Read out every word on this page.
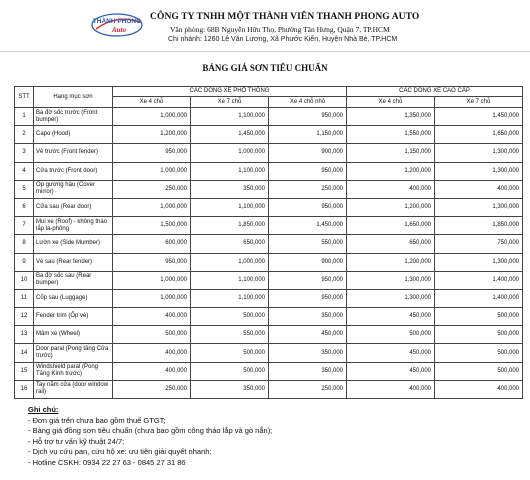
THÀNH PHONG
Auto
CÔNG TY TNHH MỘT THÀNH VIÊN THANH PHONG AUTO
Văn phòng: 68B Nguyễn Hữu Thọ, Phường Tân Hưng, Quận 7, TP.HCM
Chi nhánh: 1260 Lê Văn Lương, Xã Phước Kiển, Huyện Nhà Bè, TP.HCM
BẢNG GIÁ SƠN TIÊU CHUẨN
STT	Hạng mục sơn	CÁC DÒNG XE PHỔ THÔNG			CÁC DÒNG XE CAO CẤP	
		Xe 4 chỗ	Xe 7 chỗ	Xe 4 chỗ nhỏ	Xe 4 chỗ	Xe 7 chỗ
1	Ba đờ sốc trước (Front bumper)	1,000,000	1,100,000	950,000	1,350,000	1,450,000
2	Capo (Hood)	1,200,000	1,450,000	1,150,000	1,550,000	1,650,000
3	Vè trước (Front fender)	950,000	1,000,000	900,000	1,150,000	1,300,000
4	Cửa trước (Front door)	1,000,000	1,100,000	950,000	1,200,000	1,300,000
5	Ốp gương hậu (Cover mirror)	250,000	350,000	250,000	400,000	400,000
6	Cửa sau (Rear door)	1,000,000	1,100,000	950,000	1,200,000	1,300,000
7	Mui xe (Roof) - không tháo lắp la-phông	1,500,000	1,850,000	1,450,000	1,650,000	1,850,000
8	Lườn xe (Side Mumber)	600,000	650,000	550,000	650,000	750,000
9	Vè sau (Rear fender)	950,000	1,000,000	900,000	1,200,000	1,300,000
10	Ba đờ sốc sau (Rear bumper)	1,000,000	1,100,000	950,000	1,300,000	1,400,000
11	Cốp sau (Luggage)	1,000,000	1,100,000	950,000	1,300,000	1,400,000
12	Fender trim (Ốp vè)	400,000	500,000	350,000	450,000	500,000
13	Mâm xe (Wheel)	500,000	550,000	450,000	500,000	500,000
14	Door paral (Pong tăng Cửa trước)	400,000	500,000	350,000	450,000	500,000
15	Windshield paral (Pong Tăng Kính trước)	400,000	500,000	350,000	450,000	500,000
16	Tay nắm cửa (door window rail)	250,000	350,000	250,000	400,000	400,000
Ghi chú:
- Đơn giá trên chưa bao gồm thuế GTGT;
- Bảng giá đồng sơn tiêu chuẩn (chưa bao gồm công tháo lắp và gò nắn);
- Hỗ trợ tư vấn kỹ thuật 24/7;
- Dịch vụ cứu pan, cứu hộ xe: ưu tiên giải quyết nhanh;
- Hotline CSKH: 0934 22 27 63 - 0845 27 31 86
